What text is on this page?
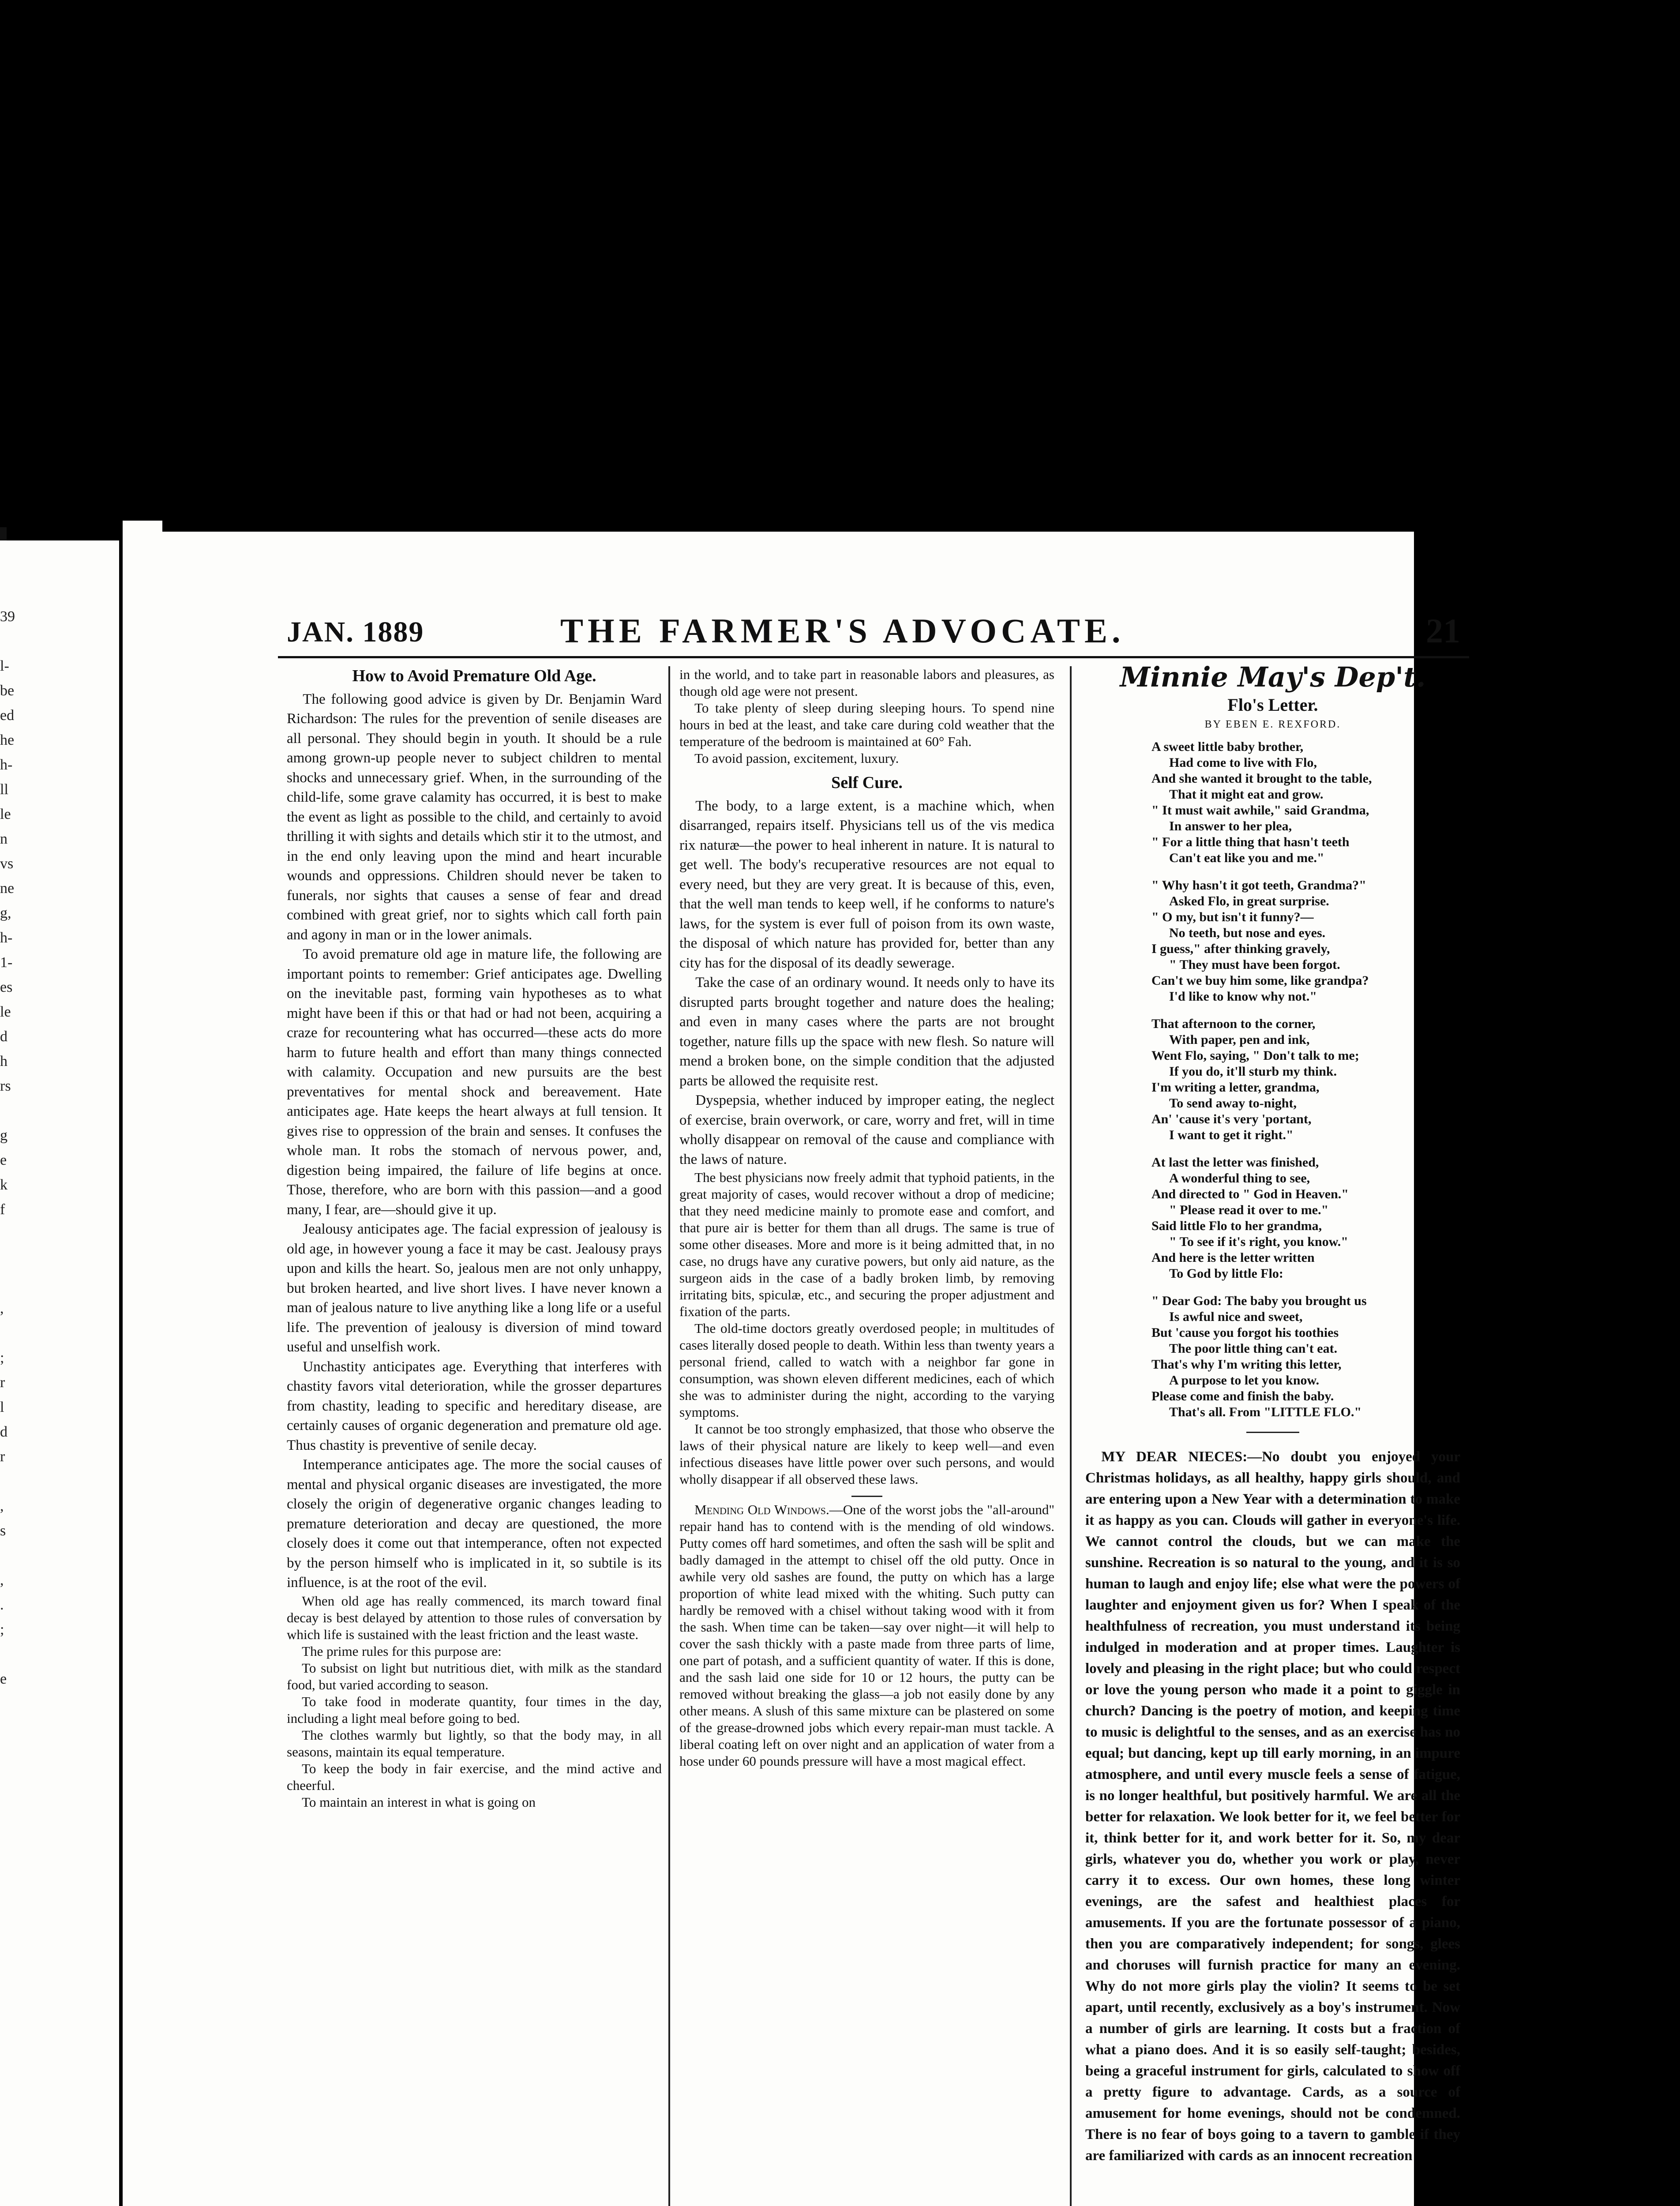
39

l-
be
ed
he
h-
ll
le
n
vs
ne
g,
h-
1-
es
le
d
h
rs

g
e
k
f

,

;
r
l
d
r

,
s

,
.
;

e
JAN. 1889	THE FARMER'S ADVOCATE.	21
How to Avoid Premature Old Age.

The following good advice is given by Dr. Benjamin Ward Richardson: The rules for the prevention of senile diseases are all personal. They should begin in youth. It should be a rule among grown-up people never to subject children to mental shocks and unnecessary grief. When, in the surrounding of the child-life, some grave calamity has occurred, it is best to make the event as light as possible to the child, and certainly to avoid thrilling it with sights and details which stir it to the utmost, and in the end only leaving upon the mind and heart incurable wounds and oppressions. Children should never be taken to funerals, nor sights that causes a sense of fear and dread combined with great grief, nor to sights which call forth pain and agony in man or in the lower animals.

To avoid premature old age in mature life, the following are important points to remember: Grief anticipates age. Dwelling on the inevitable past, forming vain hypotheses as to what might have been if this or that had or had not been, acquiring a craze for recountering what has occurred—these acts do more harm to future health and effort than many things connected with calamity. Occupation and new pursuits are the best preventatives for mental shock and bereavement. Hate anticipates age. Hate keeps the heart always at full tension. It gives rise to oppression of the brain and senses. It confuses the whole man. It robs the stomach of nervous power, and, digestion being impaired, the failure of life begins at once. Those, therefore, who are born with this passion—and a good many, I fear, are—should give it up.

Jealousy anticipates age. The facial expression of jealousy is old age, in however young a face it may be cast. Jealousy prays upon and kills the heart. So, jealous men are not only unhappy, but broken hearted, and live short lives. I have never known a man of jealous nature to live anything like a long life or a useful life. The prevention of jealousy is diversion of mind toward useful and unselfish work.

Unchastity anticipates age. Everything that interferes with chastity favors vital deterioration, while the grosser departures from chastity, leading to specific and hereditary disease, are certainly causes of organic degeneration and premature old age. Thus chastity is preventive of senile decay.

Intemperance anticipates age. The more the social causes of mental and physical organic diseases are investigated, the more closely the origin of degenerative organic changes leading to premature deterioration and decay are questioned, the more closely does it come out that intemperance, often not expected by the person himself who is implicated in it, so subtile is its influence, is at the root of the evil.

When old age has really commenced, its march toward final decay is best delayed by attention to those rules of conversation by which life is sustained with the least friction and the least waste.

The prime rules for this purpose are:

To subsist on light but nutritious diet, with milk as the standard food, but varied according to season.

To take food in moderate quantity, four times in the day, including a light meal before going to bed.

The clothes warmly but lightly, so that the body may, in all seasons, maintain its equal temperature.

To keep the body in fair exercise, and the mind active and cheerful.

To maintain an interest in what is going on

in the world, and to take part in reasonable labors and pleasures, as though old age were not present.

To take plenty of sleep during sleeping hours. To spend nine hours in bed at the least, and take care during cold weather that the temperature of the bedroom is maintained at 60° Fah.

To avoid passion, excitement, luxury.

Self Cure.

The body, to a large extent, is a machine which, when disarranged, repairs itself. Physicians tell us of the vis medica rix naturæ—the power to heal inherent in nature. It is natural to get well. The body's recuperative resources are not equal to every need, but they are very great. It is because of this, even, that the well man tends to keep well, if he conforms to nature's laws, for the system is ever full of poison from its own waste, the disposal of which nature has provided for, better than any city has for the disposal of its deadly sewerage.

Take the case of an ordinary wound. It needs only to have its disrupted parts brought together and nature does the healing; and even in many cases where the parts are not brought together, nature fills up the space with new flesh. So nature will mend a broken bone, on the simple condition that the adjusted parts be allowed the requisite rest.

Dyspepsia, whether induced by improper eating, the neglect of exercise, brain overwork, or care, worry and fret, will in time wholly disappear on removal of the cause and compliance with the laws of nature.

The best physicians now freely admit that typhoid patients, in the great majority of cases, would recover without a drop of medicine; that they need medicine mainly to promote ease and comfort, and that pure air is better for them than all drugs. The same is true of some other diseases. More and more is it being admitted that, in no case, no drugs have any curative powers, but only aid nature, as the surgeon aids in the case of a badly broken limb, by removing irritating bits, spiculæ, etc., and securing the proper adjustment and fixation of the parts.

The old-time doctors greatly overdosed people; in multitudes of cases literally dosed people to death. Within less than twenty years a personal friend, called to watch with a neighbor far gone in consumption, was shown eleven different medicines, each of which she was to administer during the night, according to the varying symptoms.

It cannot be too strongly emphasized, that those who observe the laws of their physical nature are likely to keep well—and even infectious diseases have little power over such persons, and would wholly disappear if all observed these laws.

Mending Old Windows.—One of the worst jobs the "all-around" repair hand has to contend with is the mending of old windows. Putty comes off hard sometimes, and often the sash will be split and badly damaged in the attempt to chisel off the old putty. Once in awhile very old sashes are found, the putty on which has a large proportion of white lead mixed with the whiting. Such putty can hardly be removed with a chisel without taking wood with it from the sash. When time can be taken—say over night—it will help to cover the sash thickly with a paste made from three parts of lime, one part of potash, and a sufficient quantity of water. If this is done, and the sash laid one side for 10 or 12 hours, the putty can be removed without breaking the glass—a job not easily done by any other means. A slush of this same mixture can be plastered on some of the grease-drowned jobs which every repair-man must tackle. A liberal coating left on over night and an application of water from a hose under 60 pounds pressure will have a most magical effect.

Minnie May's Dep't.
Flo's Letter.
BY EBEN E. REXFORD.
A sweet little baby brother,
Had come to live with Flo,
And she wanted it brought to the table,
That it might eat and grow.
" It must wait awhile," said Grandma,
In answer to her plea,
" For a little thing that hasn't teeth
Can't eat like you and me."
" Why hasn't it got teeth, Grandma?"
Asked Flo, in great surprise.
" O my, but isn't it funny?—
No teeth, but nose and eyes.
I guess," after thinking gravely,
" They must have been forgot.
Can't we buy him some, like grandpa?
I'd like to know why not."
That afternoon to the corner,
With paper, pen and ink,
Went Flo, saying, " Don't talk to me;
If you do, it'll sturb my think.
I'm writing a letter, grandma,
To send away to-night,
An' 'cause it's very 'portant,
I want to get it right."
At last the letter was finished,
A wonderful thing to see,
And directed to " God in Heaven."
" Please read it over to me."
Said little Flo to her grandma,
" To see if it's right, you know."
And here is the letter written
To God by little Flo:
" Dear God: The baby you brought us
Is awful nice and sweet,
But 'cause you forgot his toothies
The poor little thing can't eat.
That's why I'm writing this letter,
A purpose to let you know.
Please come and finish the baby.
That's all. From "LITTLE FLO."

MY DEAR NIECES:—No doubt you enjoyed your Christmas holidays, as all healthy, happy girls should, and are entering upon a New Year with a determination to make it as happy as you can. Clouds will gather in everyone's life. We cannot control the clouds, but we can make the sunshine. Recreation is so natural to the young, and it is so human to laugh and enjoy life; else what were the powers of laughter and enjoyment given us for? When I speak of the healthfulness of recreation, you must understand its being indulged in moderation and at proper times. Laughter is lovely and pleasing in the right place; but who could respect or love the young person who made it a point to giggle in church? Dancing is the poetry of motion, and keeping time to music is delightful to the senses, and as an exercise has no equal; but dancing, kept up till early morning, in an impure atmosphere, and until every muscle feels a sense of fatigue, is no longer healthful, but positively harmful. We are all the better for relaxation. We look better for it, we feel better for it, think better for it, and work better for it. So, my dear girls, whatever you do, whether you work or play, never carry it to excess. Our own homes, these long winter evenings, are the safest and healthiest places for amusements. If you are the fortunate possessor of a piano, then you are comparatively independent; for songs, glees and choruses will furnish practice for many an evening. Why do not more girls play the violin? It seems to be set apart, until recently, exclusively as a boy's instrument. Now a number of girls are learning. It costs but a fraction of what a piano does. And it is so easily self-taught; besides, being a graceful instrument for girls, calculated to show off a pretty figure to advantage. Cards, as a source of amusement for home evenings, should not be condemned. There is no fear of boys going to a tavern to gamble if they are familiarized with cards as an innocent recreation
